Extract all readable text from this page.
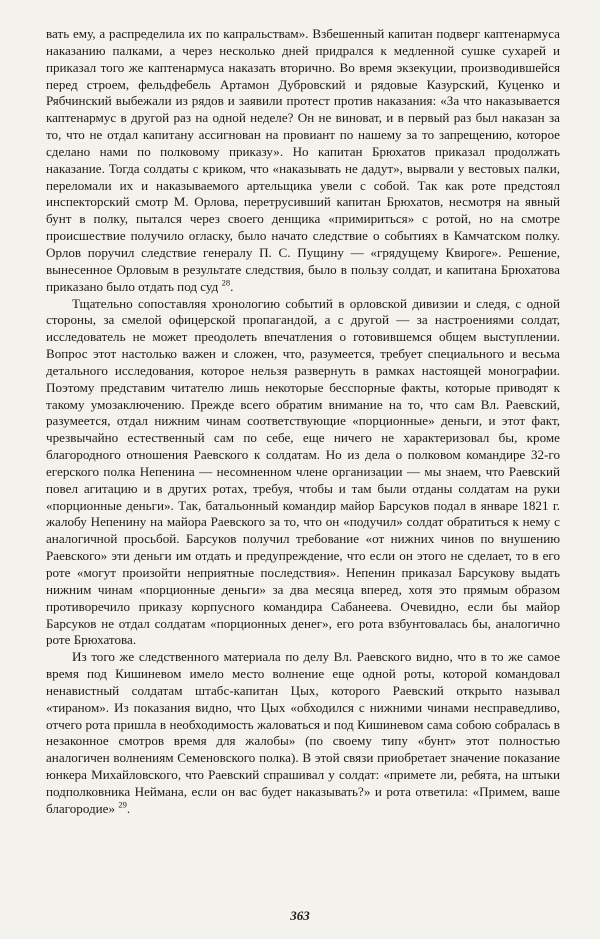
вать ему, а распределила их по капральствам». Взбешенный капитан подверг каптенармуса наказанию палками, а через несколько дней придрался к медленной сушке сухарей и приказал того же каптенармуса наказать вторично. Во время экзекуции, производившейся перед строем, фельдфебель Артамон Дубровский и рядовые Казурский, Куценко и Рябчинский выбежали из рядов и заявили протест против наказания: «За что наказывается каптенармус в другой раз на одной неделе? Он не виноват, и в первый раз был наказан за то, что не отдал капитану ассигнован на провиант по нашему за то запрещению, которое сделано нами по полковому приказу». Но капитан Брюхатов приказал продолжать наказание. Тогда солдаты с криком, что «наказывать не дадут», вырвали у вестовых палки, переломали их и наказываемого артельщика увели с собой. Так как роте предстоял инспекторский смотр М. Орлова, перетрусивший капитан Брюхатов, несмотря на явный бунт в полку, пытался через своего денщика «примириться» с ротой, но на смотре происшествие получило огласку, было начато следствие о событиях в Камчатском полку. Орлов поручил следствие генералу П. С. Пущину — «грядущему Квироге». Решение, вынесенное Орловым в результате следствия, было в пользу солдат, и капитана Брюхатова приказано было отдать под суд $^{28}$.

Тщательно сопоставляя хронологию событий в орловской дивизии и следя, с одной стороны, за смелой офицерской пропагандой, а с другой — за настроениями солдат, исследователь не может преодолеть впечатления о готовившемся общем выступлении. Вопрос этот настолько важен и сложен, что, разумеется, требует специального и весьма детального исследования, которое нельзя развернуть в рамках настоящей монографии. Поэтому представим читателю лишь некоторые бесспорные факты, которые приводят к такому умозаключению. Прежде всего обратим внимание на то, что сам Вл. Раевский, разумеется, отдал нижним чинам соответствующие «порционные» деньги, и этот факт, чрезвычайно естественный сам по себе, еще ничего не характеризовал бы, кроме благородного отношения Раевского к солдатам. Но из дела о полковом командире 32-го егерского полка Непенина — несомненном члене организации — мы знаем, что Раевский повел агитацию и в других ротах, требуя, чтобы и там были отданы солдатам на руки «порционные деньги». Так, батальонный командир майор Барсуков подал в январе 1821 г. жалобу Непенину на майора Раевского за то, что он «подучил» солдат обратиться к нему с аналогичной просьбой. Барсуков получил требование «от нижних чинов по внушению Раевского» эти деньги им отдать и предупреждение, что если он этого не сделает, то в его роте «могут произойти неприятные последствия». Непенин приказал Барсукову выдать нижним чинам «порционные деньги» за два месяца вперед, хотя это прямым образом противоречило приказу корпусного командира Сабанеева. Очевидно, если бы майор Барсуков не отдал солдатам «порционных денег», его рота взбунтовалась бы, аналогично роте Брюхатова.

Из того же следственного материала по делу Вл. Раевского видно, что в то же самое время под Кишиневом имело место волнение еще одной роты, которой командовал ненавистный солдатам штабс-капитан Цых, которого Раевский открыто называл «тираном». Из показания видно, что Цых «обходился с нижними чинами несправедливо, отчего рота пришла в необходимость жаловаться и под Кишиневом сама собою собралась в незаконное смотров время для жалобы» (по своему типу «бунт» этот полностью аналогичен волнениям Семеновского полка). В этой связи приобретает значение показание юнкера Михайловского, что Раевский спрашивал у солдат: «примете ли, ребята, на штыки подполковника Неймана, если он вас будет наказывать?» и рота ответила: «Примем, ваше благородие» $^{29}$.

363
